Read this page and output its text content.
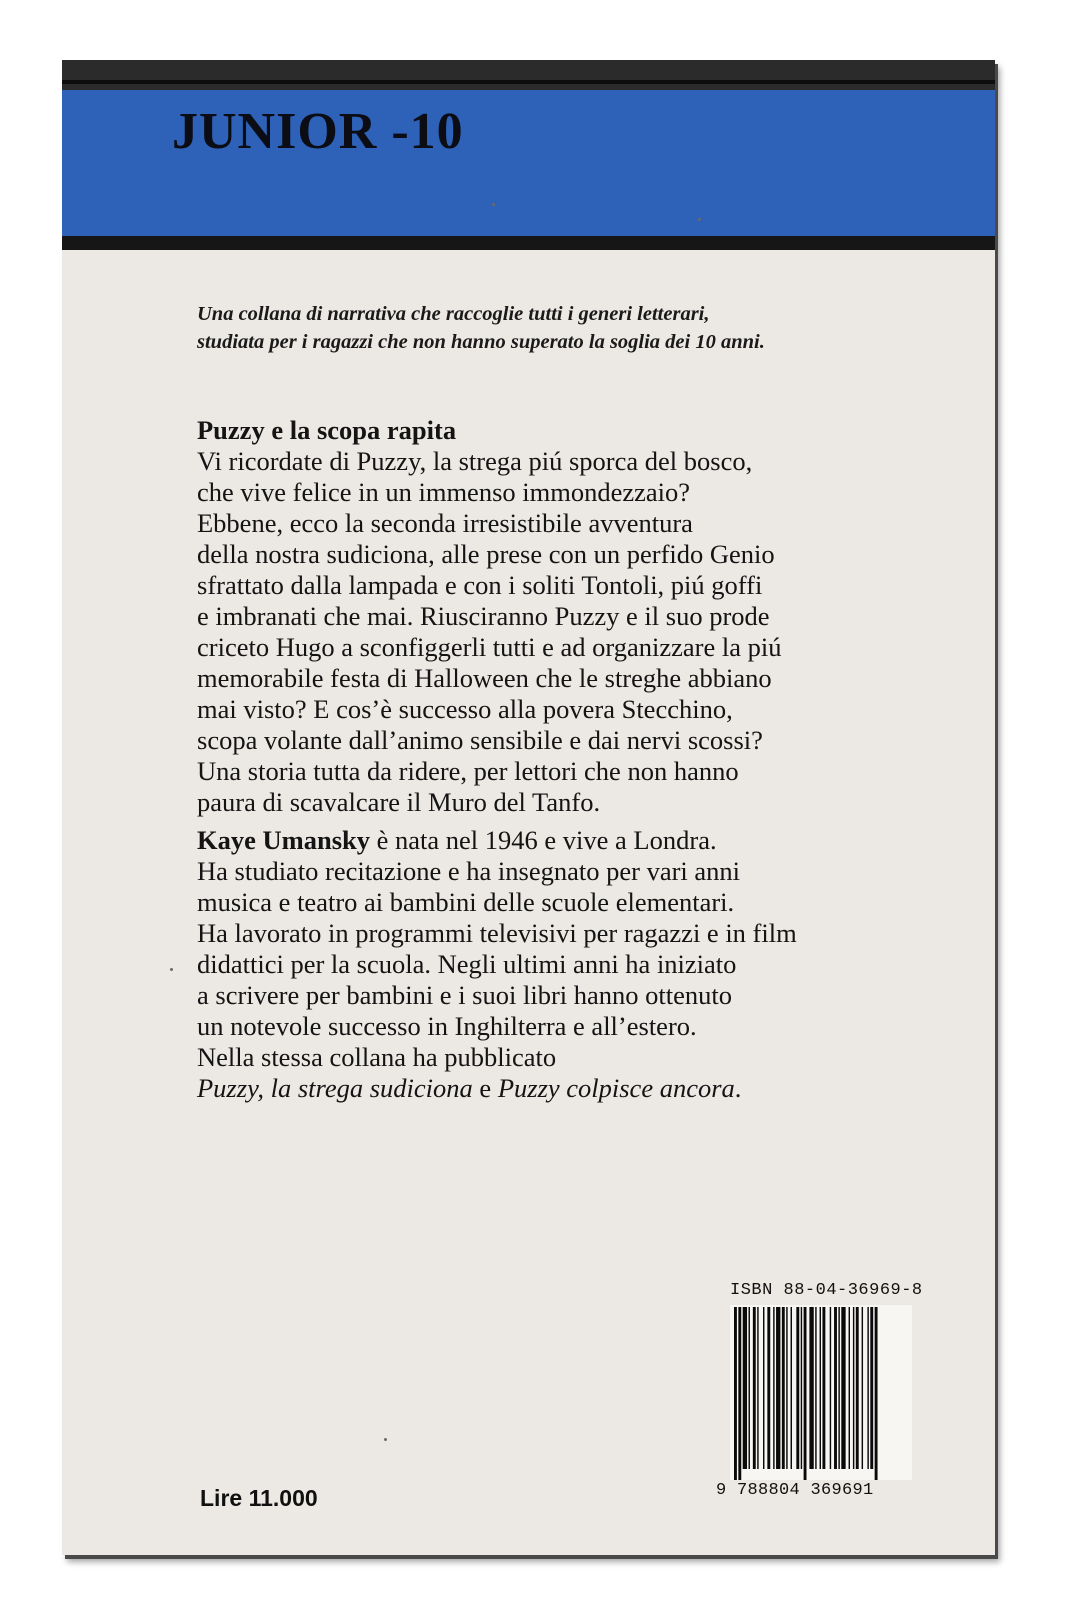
JUNIOR -10
Una collana di narrativa che raccoglie tutti i generi letterari,
studiata per i ragazzi che non hanno superato la soglia dei 10 anni.
Puzzy e la scopa rapita
Vi ricordate di Puzzy, la strega piú sporca del bosco,
che vive felice in un immenso immondezzaio?
Ebbene, ecco la seconda irresistibile avventura
della nostra sudiciona, alle prese con un perfido Genio
sfrattato dalla lampada e con i soliti Tontoli, piú goffi
e imbranati che mai. Riusciranno Puzzy e il suo prode
criceto Hugo a sconfiggerli tutti e ad organizzare la piú
memorabile festa di Halloween che le streghe abbiano
mai visto? E cos’è successo alla povera Stecchino,
scopa volante dall’animo sensibile e dai nervi scossi?
Una storia tutta da ridere, per lettori che non hanno
paura di scavalcare il Muro del Tanfo.
Kaye Umansky è nata nel 1946 e vive a Londra.
Ha studiato recitazione e ha insegnato per vari anni
musica e teatro ai bambini delle scuole elementari.
Ha lavorato in programmi televisivi per ragazzi e in film
didattici per la scuola. Negli ultimi anni ha iniziato
a scrivere per bambini e i suoi libri hanno ottenuto
un notevole successo in Inghilterra e all’estero.
Nella stessa collana ha pubblicato
Puzzy, la strega sudiciona e Puzzy colpisce ancora.
Lire 11.000
ISBN 88-04-36969-8
9 788804 369691
